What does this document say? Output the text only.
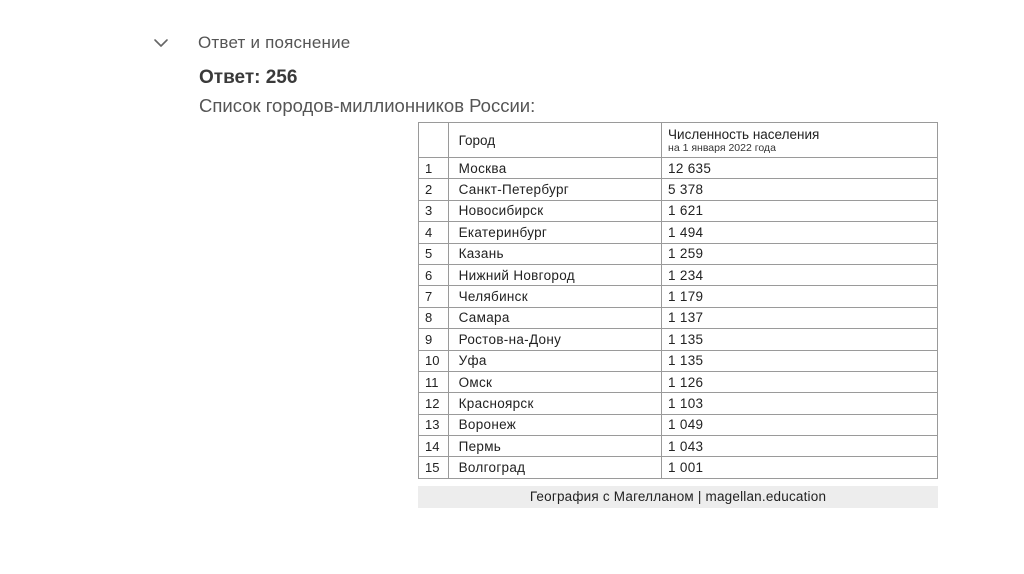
Ответ и пояснение
Ответ: 256
Список городов-миллионников России:
	Город	Численность населения
на 1 января 2022 года

1	Москва	12 635
2	Санкт-Петербург	5 378
3	Новосибирск	1 621
4	Екатеринбург	1 494
5	Казань	1 259
6	Нижний Новгород	1 234
7	Челябинск	1 179
8	Самара	1 137
9	Ростов-на-Дону	1 135
10	Уфа	1 135
11	Омск	1 126
12	Красноярск	1 103
13	Воронеж	1 049
14	Пермь	1 043
15	Волгоград	1 001
География с Магелланом | magellan.education
